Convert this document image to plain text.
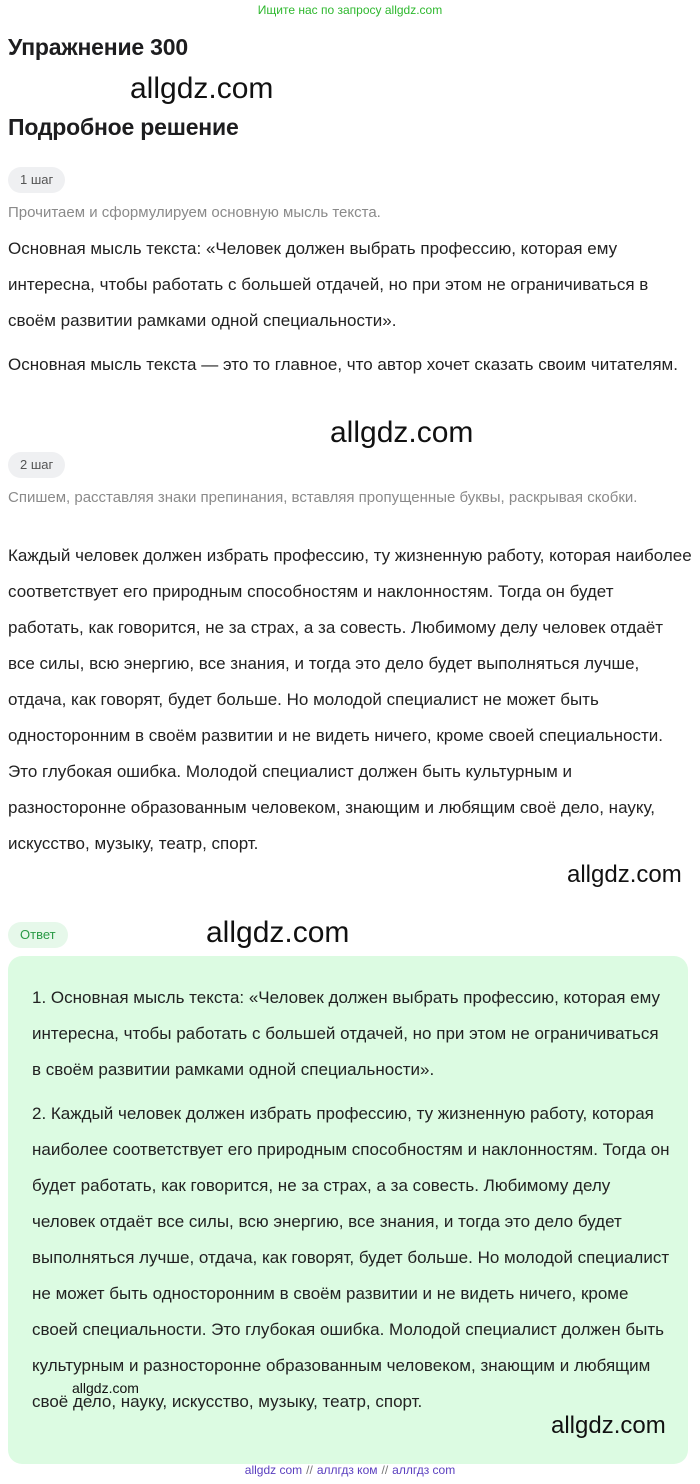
Ищите нас по запросу allgdz.com
Упражнение 300
allgdz.com
Подробное решение
1 шаг

Прочитаем и сформулируем основную мысль текста.

Основная мысль текста: «Человек должен выбрать профессию, которая ему интересна, чтобы работать с большей отдачей, но при этом не ограничиваться в своём развитии рамками одной специальности».

Основная мысль текста — это то главное, что автор хочет сказать своим читателям.

allgdz.com
2 шаг

Спишем, расставляя знаки препинания, вставляя пропущенные буквы, раскрывая скобки.

Каждый человек должен избрать профессию, ту жизненную работу, которая наиболее соответствует его природным способностям и наклонностям. Тогда он будет работать, как говорится, не за страх, а за совесть. Любимому делу человек отдаёт все силы, всю энергию, все знания, и тогда это дело будет выполняться лучше, отдача, как говорят, будет больше. Но молодой специалист не может быть односторонним в своём развитии и не видеть ничего, кроме своей специальности. Это глубокая ошибка. Молодой специалист должен быть культурным и разносторонне образованным человеком, знающим и любящим своё дело, науку, искусство, музыку, театр, спорт.

allgdz.com
Ответ	allgdz.com

1. Основная мысль текста: «Человек должен выбрать профессию, которая ему интересна, чтобы работать с большей отдачей, но при этом не ограничиваться в своём развитии рамками одной специальности».

2. Каждый человек должен избрать профессию, ту жизненную работу, которая наиболее соответствует его природным способностям и наклонностям. Тогда он будет работать, как говорится, не за страх, а за совесть. Любимому делу человек отдаёт все силы, всю энергию, все знания, и тогда это дело будет выполняться лучше, отдача, как говорят, будет больше. Но молодой специалист не может быть односторонним в своём развитии и не видеть ничего, кроме своей специальности. Это глубокая ошибка. Молодой специалист должен быть культурным и разносторонне образованным человеком, знающим и любящим своё дело, науку, искусство, музыку, театр, спорт.

allgdz.com
allgdz.com
allgdz com // аллгдз ком // аллгдз com
